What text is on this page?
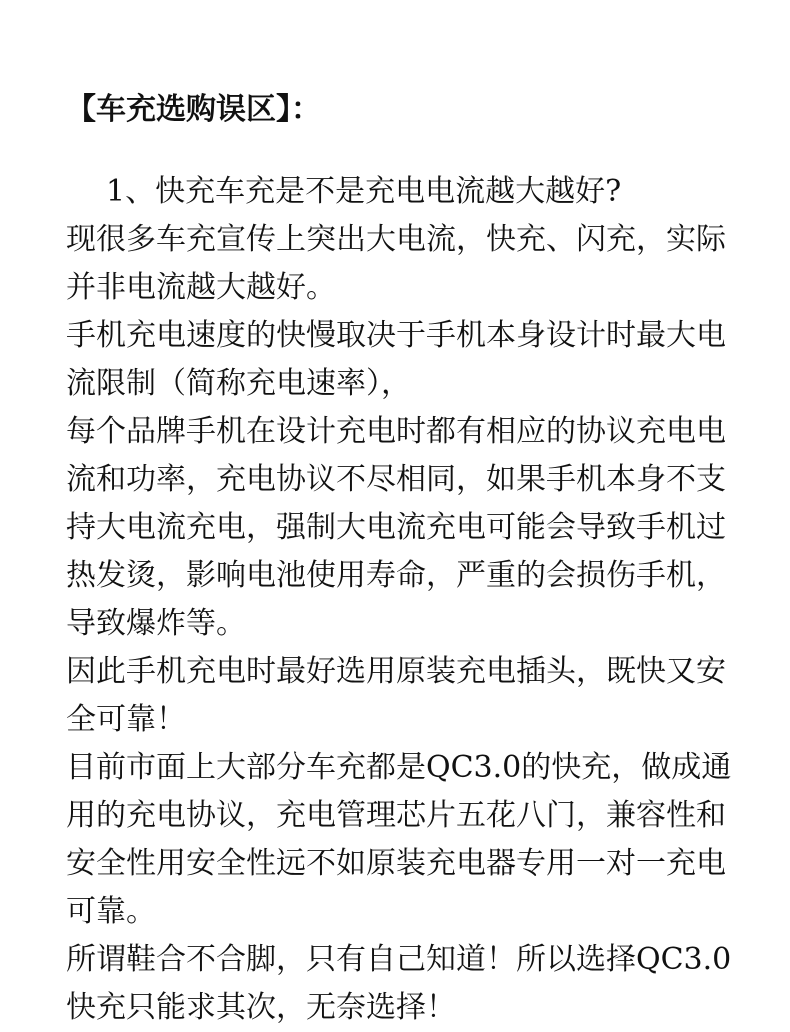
【车充选购误区】：

1、快充车充是不是充电电流越大越好?

现很多车充宣传上突出大电流，快充、闪充，实际并非电流越大越好。

手机充电速度的快慢取决于手机本身设计时最大电流限制（简称充电速率），

每个品牌手机在设计充电时都有相应的协议充电电流和功率，充电协议不尽相同，如果手机本身不支持大电流充电，强制大电流充电可能会导致手机过热发烫，影响电池使用寿命，严重的会损伤手机，导致爆炸等。

因此手机充电时最好选用原装充电插头，既快又安全可靠！

目前市面上大部分车充都是QC3.0的快充，做成通用的充电协议，充电管理芯片五花八门，兼容性和安全性用安全性远不如原装充电器专用一对一充电可靠。

所谓鞋合不合脚，只有自己知道！所以选择QC3.0快充只能求其次，无奈选择！
